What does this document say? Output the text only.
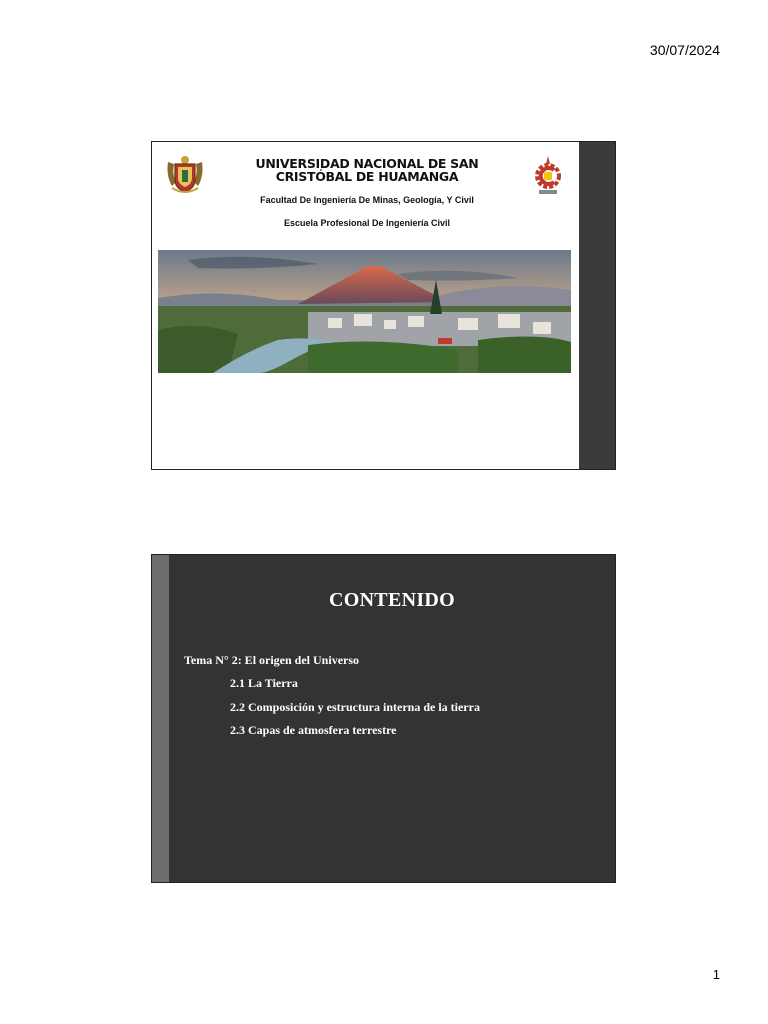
30/07/2024
UNIVERSIDAD NACIONAL DE SAN
CRISTÓBAL DE HUAMANGA
Facultad De Ingeniería De Minas, Geología, Y Civil
Escuela Profesional De Ingeniería Civil
CONTENIDO
Tema N° 2: El origen del Universo
2.1 La Tierra
2.2 Composición y estructura interna de la tierra
2.3 Capas de atmosfera terrestre
1
